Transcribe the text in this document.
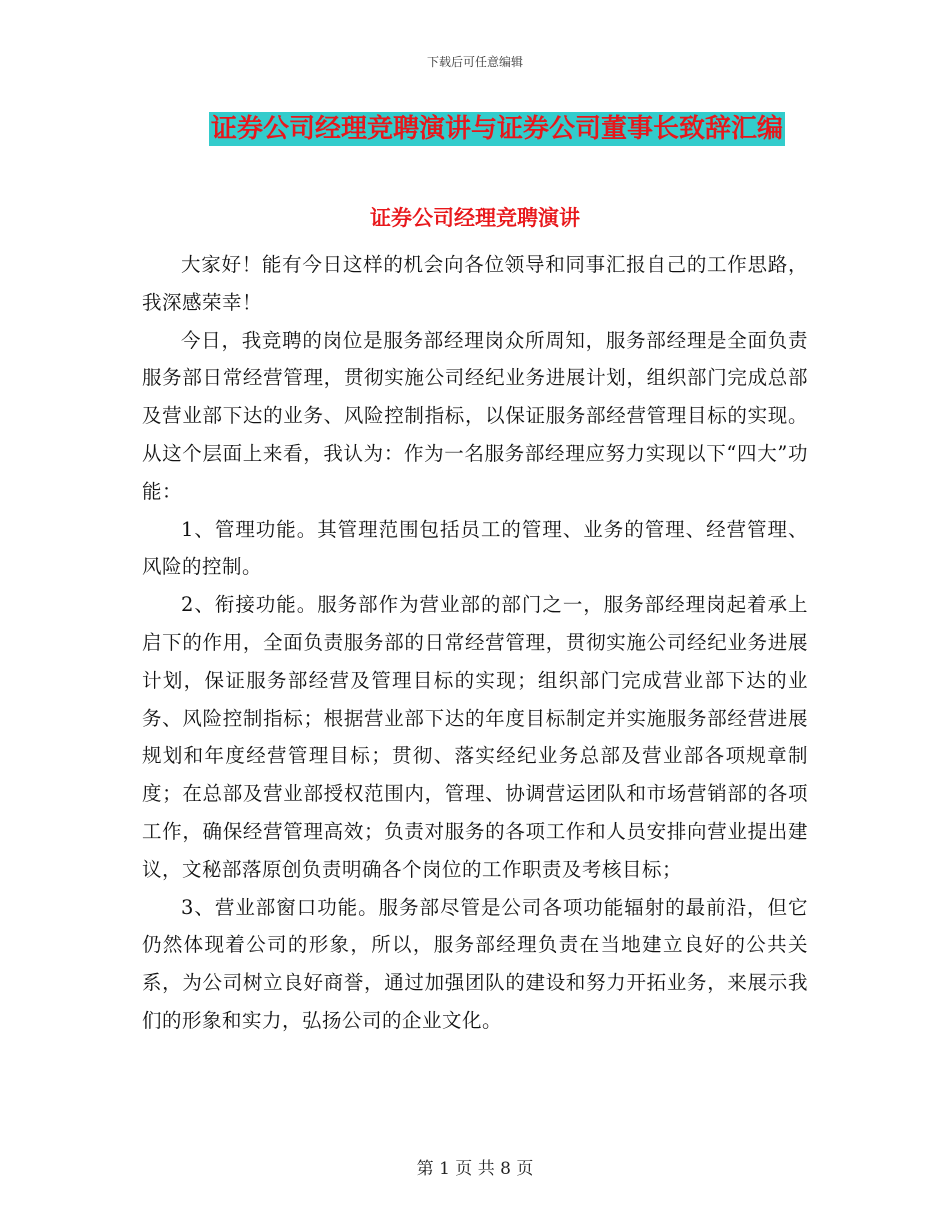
下载后可任意编辑
证券公司经理竞聘演讲与证券公司董事长致辞汇编
证券公司经理竞聘演讲

大家好！能有今日这样的机会向各位领导和同事汇报自己的工作思路，我深感荣幸！

今日，我竞聘的岗位是服务部经理岗众所周知，服务部经理是全面负责服务部日常经营管理，贯彻实施公司经纪业务进展计划，组织部门完成总部及营业部下达的业务、风险控制指标，以保证服务部经营管理目标的实现。从这个层面上来看，我认为：作为一名服务部经理应努力实现以下“四大”功能：

1、管理功能。其管理范围包括员工的管理、业务的管理、经营管理、风险的控制。

2、衔接功能。服务部作为营业部的部门之一，服务部经理岗起着承上启下的作用，全面负责服务部的日常经营管理，贯彻实施公司经纪业务进展计划，保证服务部经营及管理目标的实现；组织部门完成营业部下达的业务、风险控制指标；根据营业部下达的年度目标制定并实施服务部经营进展规划和年度经营管理目标；贯彻、落实经纪业务总部及营业部各项规章制度；在总部及营业部授权范围内，管理、协调营运团队和市场营销部的各项工作，确保经营管理高效；负责对服务的各项工作和人员安排向营业提出建议，文秘部落原创负责明确各个岗位的工作职责及考核目标；

3、营业部窗口功能。服务部尽管是公司各项功能辐射的最前沿，但它仍然体现着公司的形象，所以，服务部经理负责在当地建立良好的公共关系，为公司树立良好商誉，通过加强团队的建设和努力开拓业务，来展示我们的形象和实力，弘扬公司的企业文化。

第 1 页 共 8 页
